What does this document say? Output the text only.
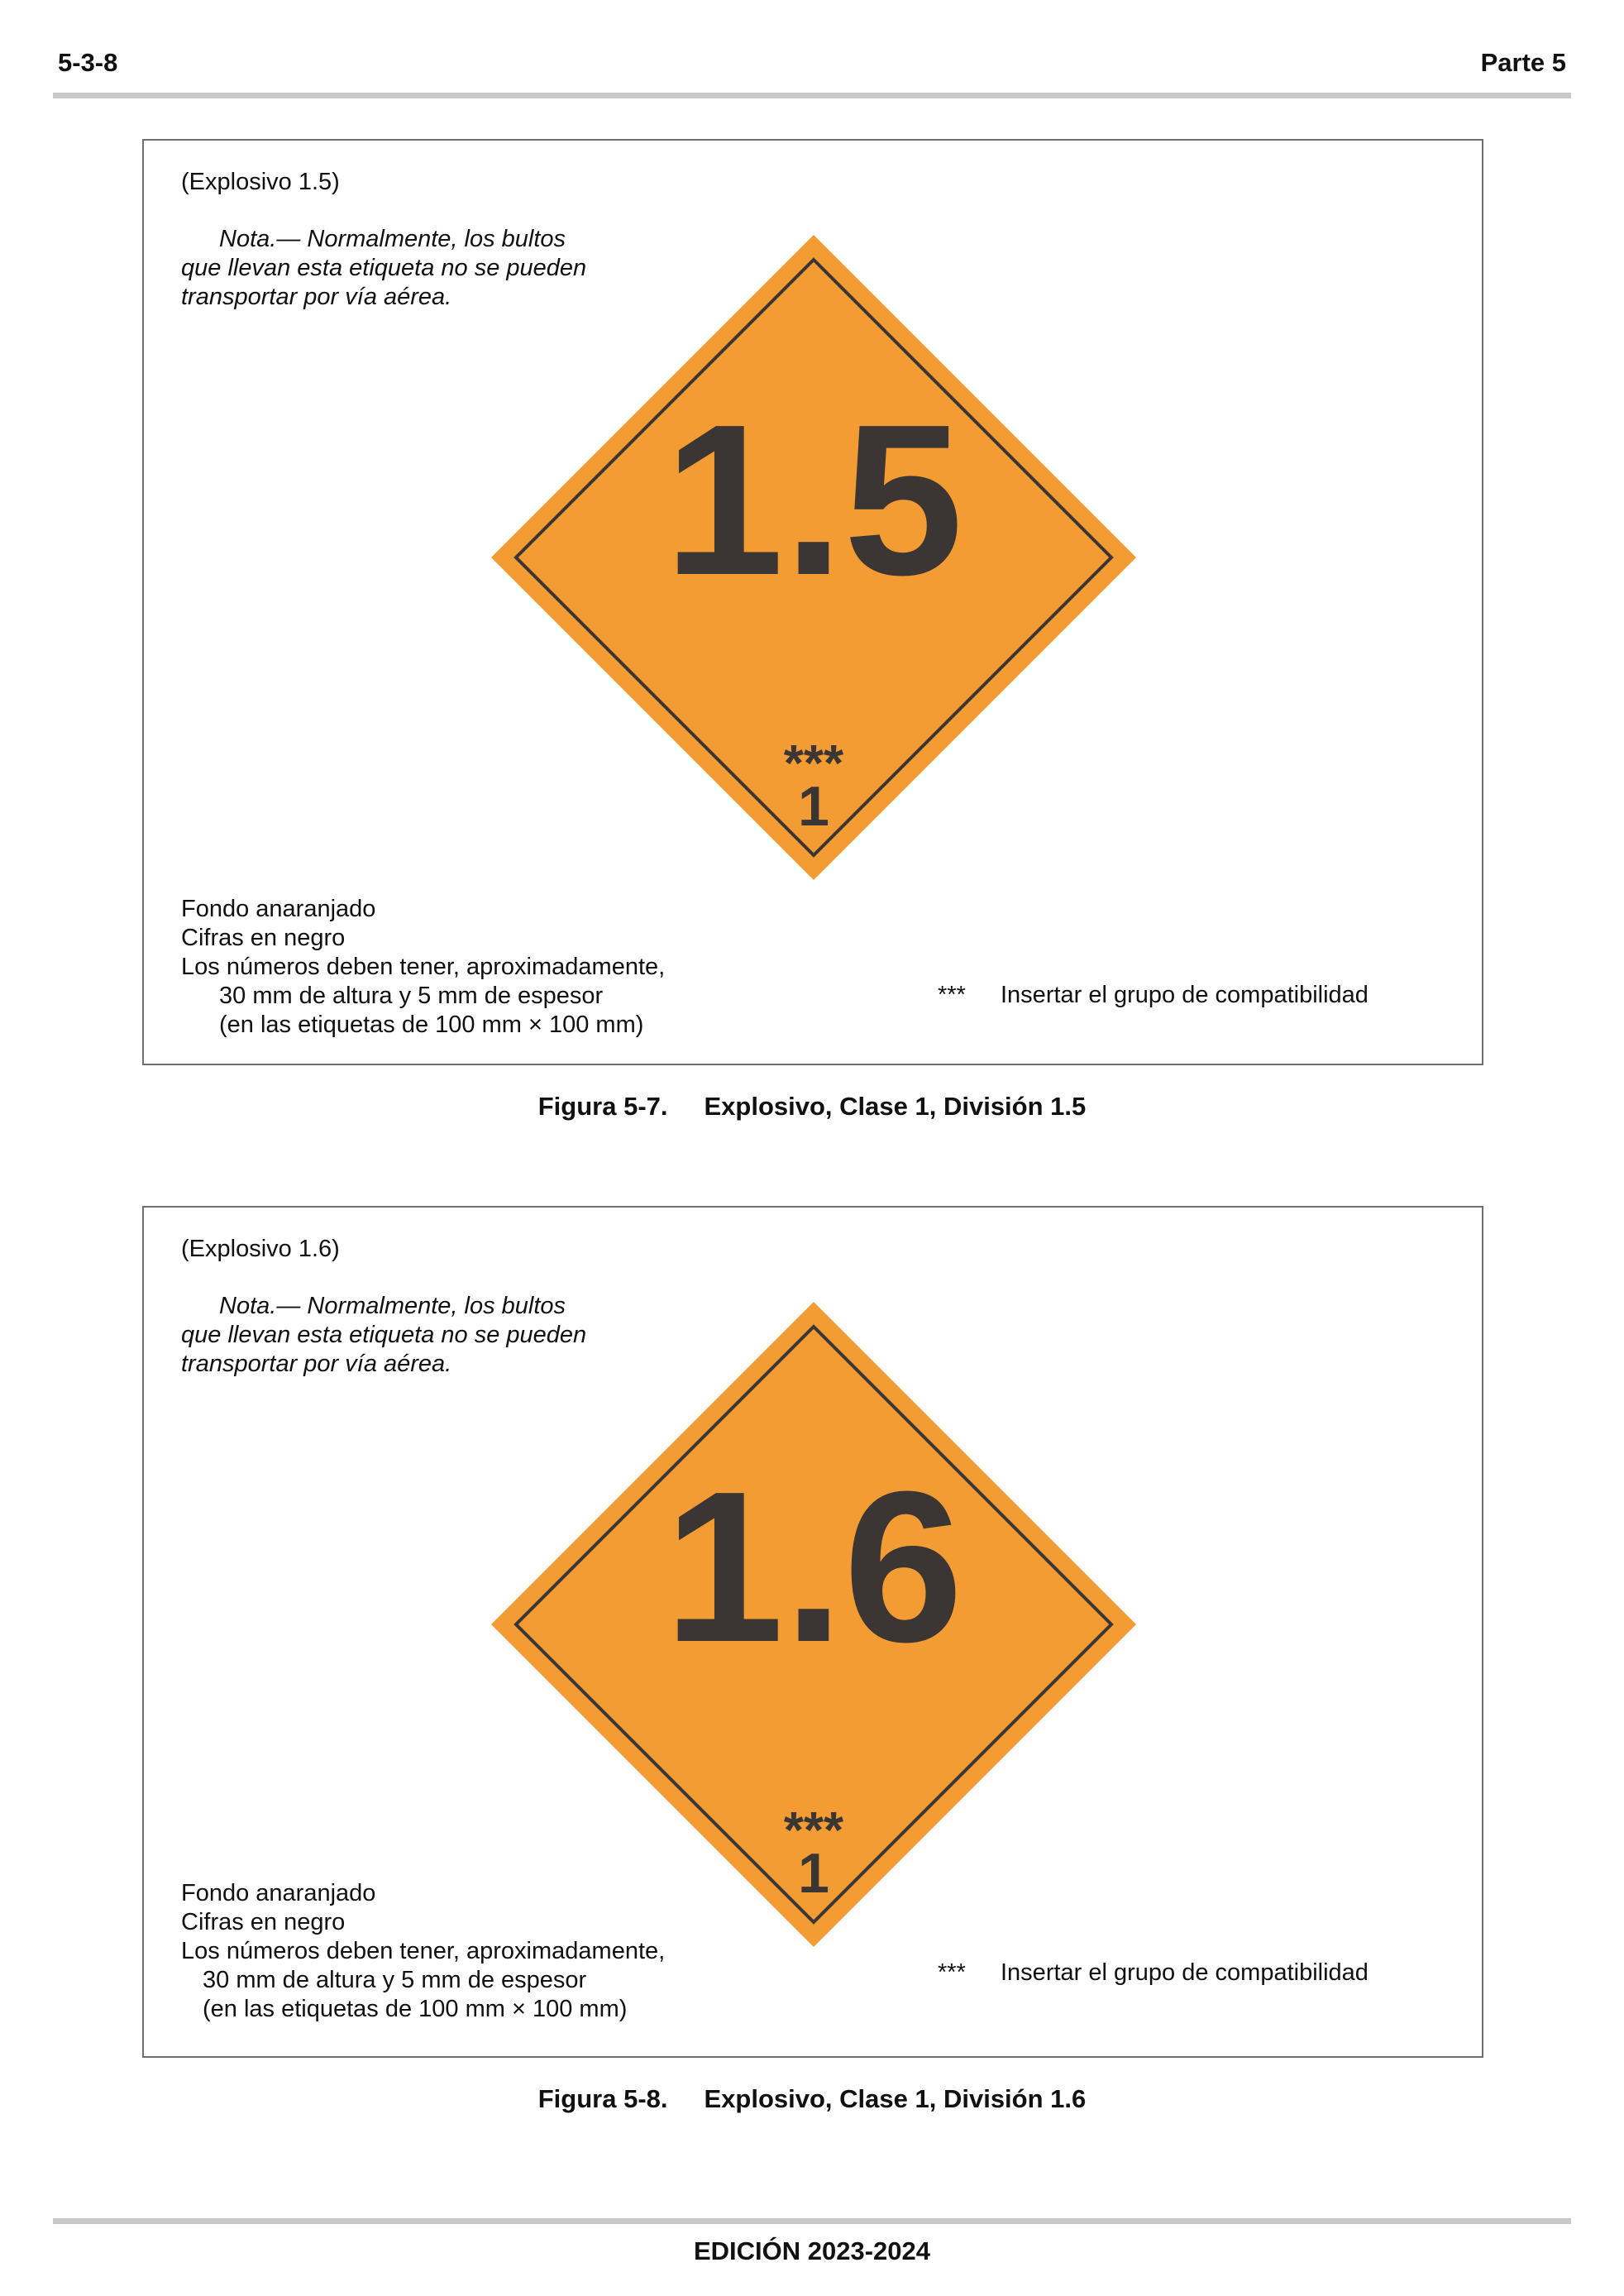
5-3-8	Parte 5
(Explosivo 1.5)
Nota.— Normalmente, los bultos
que llevan esta etiqueta no se pueden
transportar por vía aérea.
1.5
***
1
Fondo anaranjado
Cifras en negro
Los números deben tener, aproximadamente,
30 mm de altura y 5 mm de espesor
(en las etiquetas de 100 mm × 100 mm)
*** Insertar el grupo de compatibilidad
Figura 5-7. Explosivo, Clase 1, División 1.5
(Explosivo 1.6)
Nota.— Normalmente, los bultos
que llevan esta etiqueta no se pueden
transportar por vía aérea.
1.6
***
1
Fondo anaranjado
Cifras en negro
Los números deben tener, aproximadamente,
30 mm de altura y 5 mm de espesor
(en las etiquetas de 100 mm × 100 mm)
*** Insertar el grupo de compatibilidad
Figura 5-8. Explosivo, Clase 1, División 1.6
EDICIÓN 2023-2024
